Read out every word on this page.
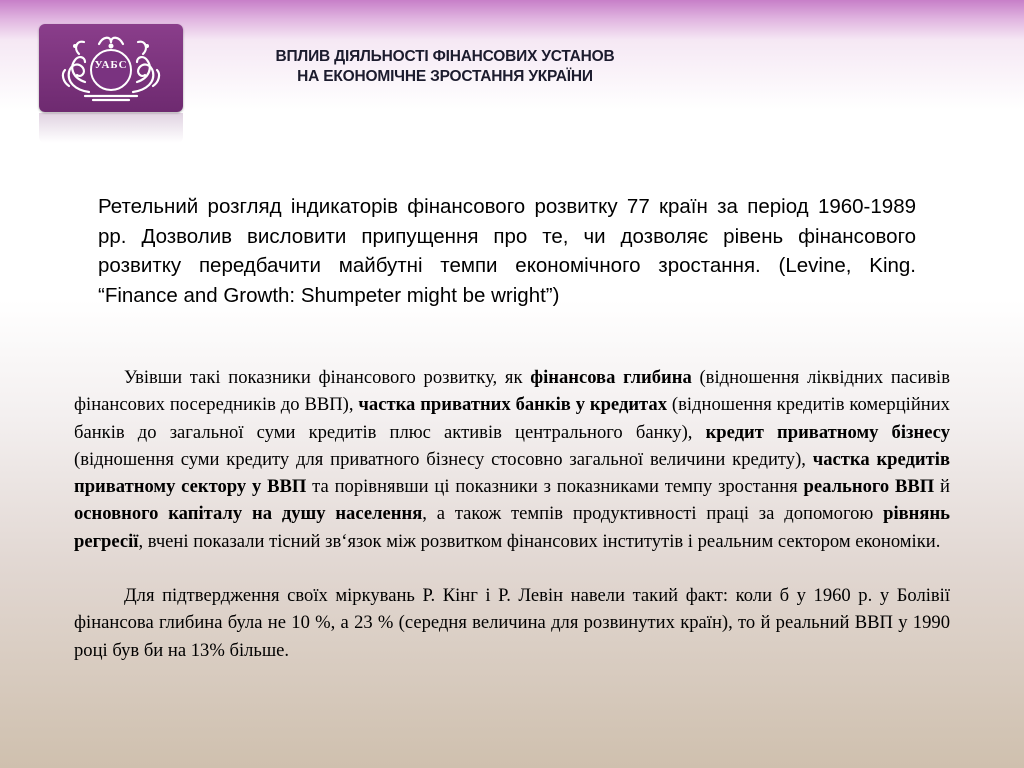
УАБС	ВПЛИВ ДІЯЛЬНОСТІ ФІНАНСОВИХ УСТАНОВ
НА ЕКОНОМІЧНЕ ЗРОСТАННЯ УКРАЇНИ
Ретельний розгляд індикаторів фінансового розвитку 77 країн за період 1960-1989 рр. Дозволив висловити припущення про те, чи дозволяє рівень фінансового розвитку передбачити майбутні темпи економічного зростання. (Levine, King. “Finance and Growth: Shumpeter might be wright”)

Увівши такі показники фінансового розвитку, як фінансова глибина (відношення ліквідних пасивів фінансових посередників до ВВП), частка приватних банків у кредитах (відношення кредитів комерційних банків до загальної суми кредитів плюс активів центрального банку), кредит приватному бізнесу (відношення суми кредиту для приватного бізнесу стосовно загальної величини кредиту), частка кредитів приватному сектору у ВВП та порівнявши ці показники з показниками темпу зростання реального ВВП й основного капіталу на душу населення, а також темпів продуктивності праці за допомогою рівнянь регресії, вчені показали тісний зв‘язок між розвитком фінансових інститутів і реальним сектором економіки.

Для підтвердження своїх міркувань Р. Кінг і Р. Левін навели такий факт: коли б у 1960 р. у Болівії фінансова глибина була не 10 %, а 23 % (середня величина для розвинутих країн), то й реальний ВВП у 1990 році був би на 13% більше.
